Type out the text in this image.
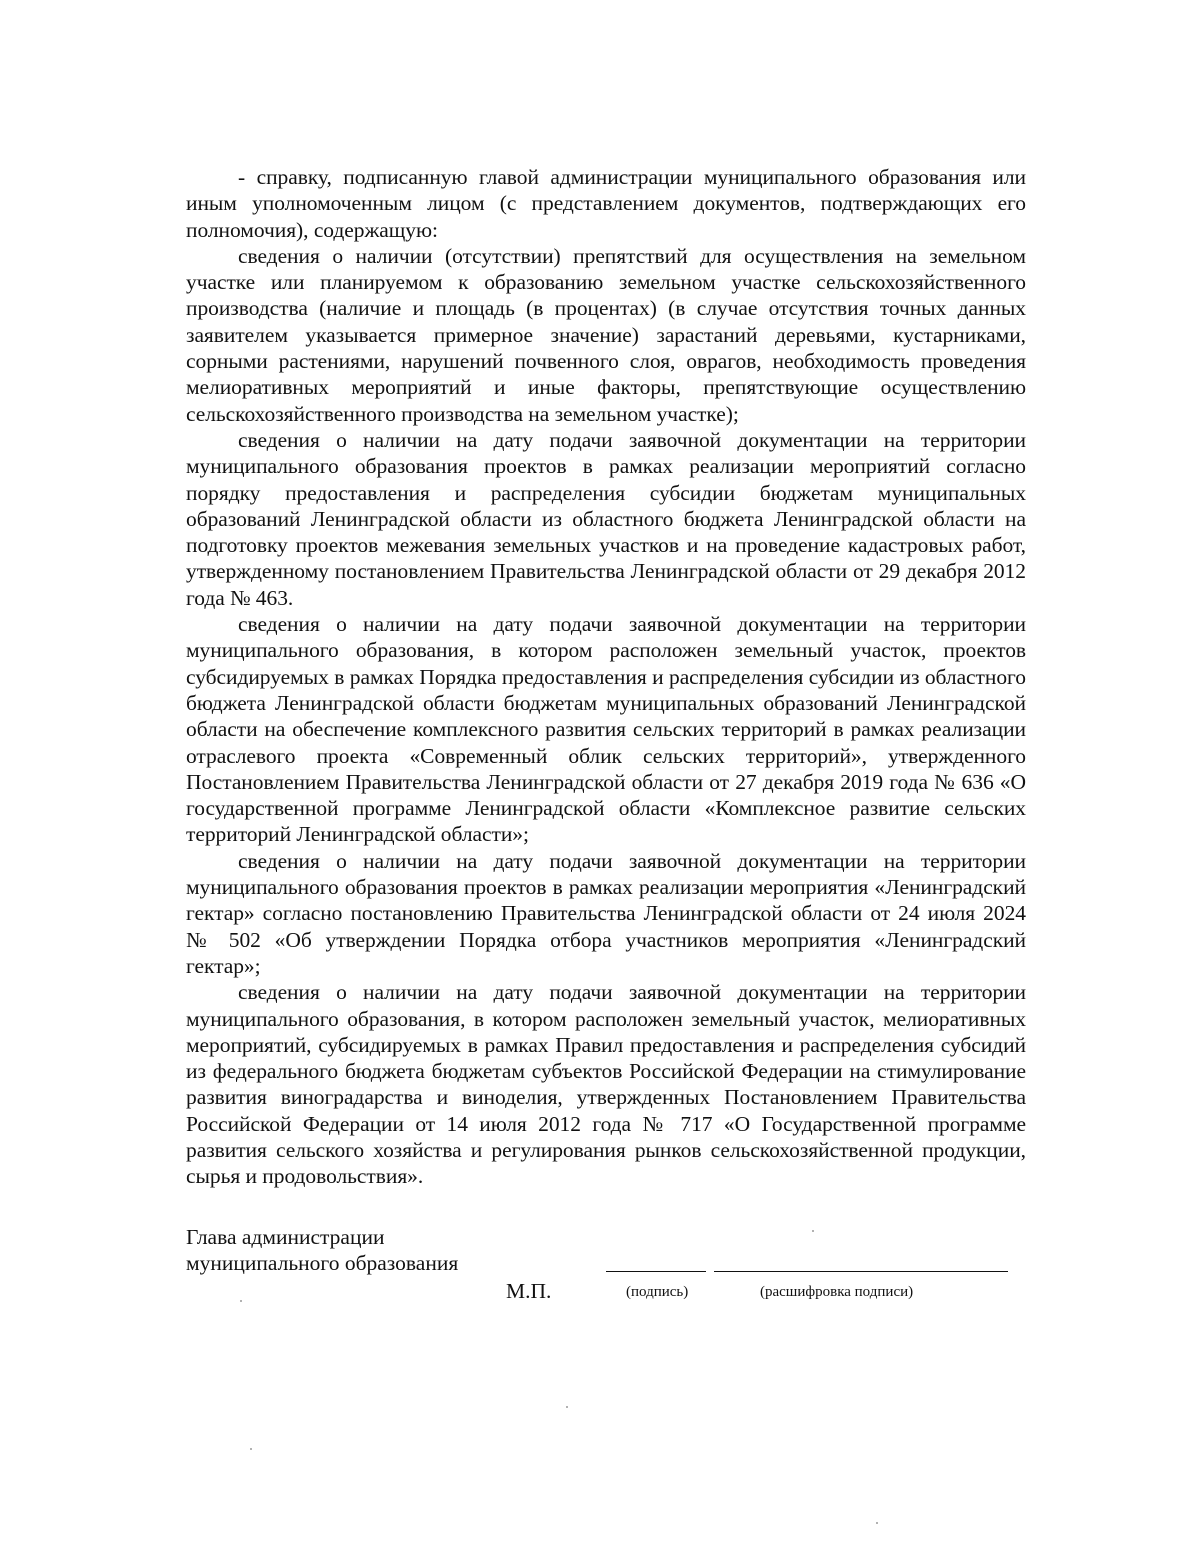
- справку, подписанную главой администрации муниципального образования или иным уполномоченным лицом (с представлением документов, подтверждающих его полномочия), содержащую:

сведения о наличии (отсутствии) препятствий для осуществления на земельном участке или планируемом к образованию земельном участке сельскохозяйственного производства (наличие и площадь (в процентах) (в случае отсутствия точных данных заявителем указывается примерное значение) зарастаний деревьями, кустарниками, сорными растениями, нарушений почвенного слоя, оврагов, необходимость проведения мелиоративных мероприятий и иные факторы, препятствующие осуществлению сельскохозяйственного производства на земельном участке);

сведения о наличии на дату подачи заявочной документации на территории муниципального образования проектов в рамках реализации мероприятий согласно порядку предоставления и распределения субсидии бюджетам муниципальных образований Ленинградской области из областного бюджета Ленинградской области на подготовку проектов межевания земельных участков и на проведение кадастровых работ, утвержденному постановлением Правительства Ленинградской области от 29 декабря 2012 года № 463.

сведения о наличии на дату подачи заявочной документации на территории муниципального образования, в котором расположен земельный участок, проектов субсидируемых в рамках Порядка предоставления и распределения субсидии из областного бюджета Ленинградской области бюджетам муниципальных образований Ленинградской области на обеспечение комплексного развития сельских территорий в рамках реализации отраслевого проекта «Современный облик сельских территорий», утвержденного Постановлением Правительства Ленинградской области от 27 декабря 2019 года № 636 «О государственной программе Ленинградской области «Комплексное развитие сельских территорий Ленинградской области»;

сведения о наличии на дату подачи заявочной документации на территории муниципального образования проектов в рамках реализации мероприятия «Ленинградский гектар» согласно постановлению Правительства Ленинградской области от 24 июля 2024 № 502 «Об утверждении Порядка отбора участников мероприятия «Ленинградский гектар»;

сведения о наличии на дату подачи заявочной документации на территории муниципального образования, в котором расположен земельный участок, мелиоративных мероприятий, субсидируемых в рамках Правил предоставления и распределения субсидий из федерального бюджета бюджетам субъектов Российской Федерации на стимулирование развития виноградарства и виноделия, утвержденных Постановлением Правительства Российской Федерации от 14 июля 2012 года № 717 «О Государственной программе развития сельского хозяйства и регулирования рынков сельскохозяйственной продукции, сырья и продовольствия».

Глава администрации
муниципального образования
М.П.	(подпись)	(расшифровка подписи)
